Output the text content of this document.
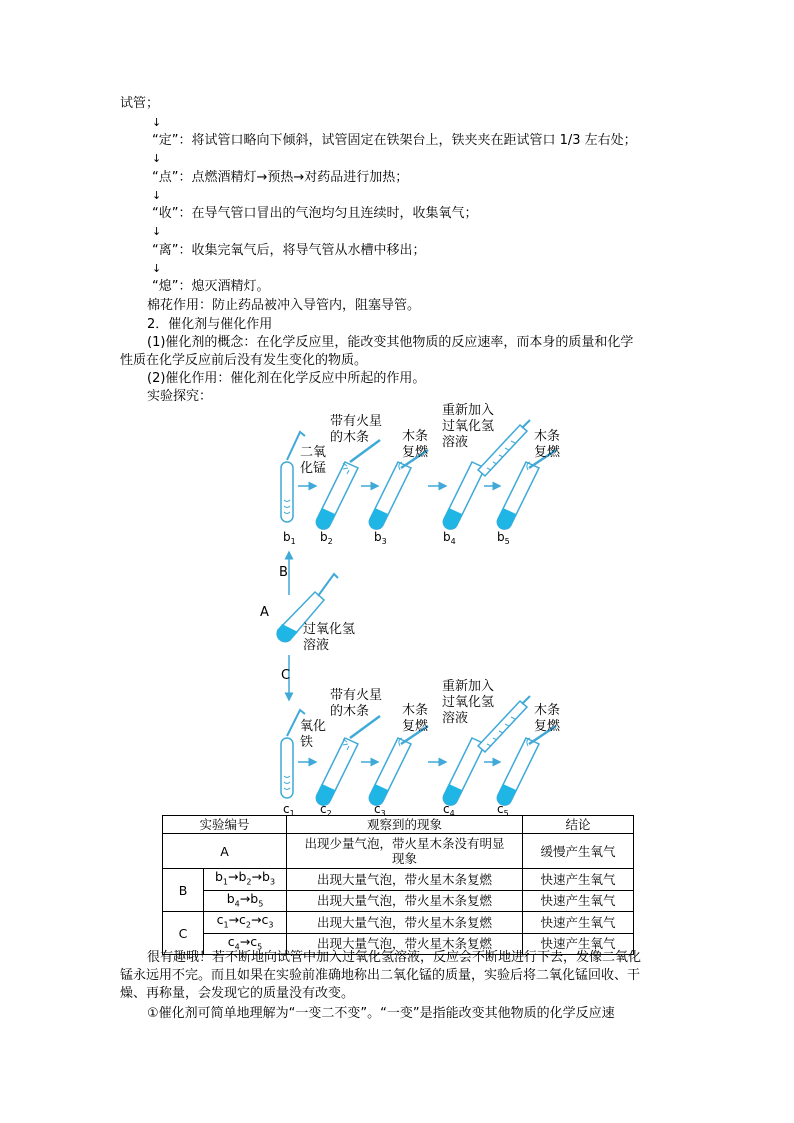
试管；
↓
“定”：将试管口略向下倾斜，试管固定在铁架台上，铁夹夹在距试管口 1/3 左右处；
↓
“点”：点燃酒精灯→预热→对药品进行加热；
↓
“收”：在导气管口冒出的气泡均匀且连续时，收集氧气；
↓
“离”：收集完氧气后，将导气管从水槽中移出；
↓
“熄”：熄灭酒精灯。
棉花作用：防止药品被冲入导管内，阻塞导管。
2．催化剂与催化作用
(1)催化剂的概念：在化学反应里，能改变其他物质的反应速率，而本身的质量和化学
性质在化学反应前后没有发生变化的物质。
(2)催化作用：催化剂在化学反应中所起的作用。
实验探究：
二氧
化锰
带有火星
的木条	木条
复燃
重新加入
过氧化氢
溶液	木条
复燃
$b_1$ $b_2$	$b_3$	$b_4$	$b_5$
B
A
过氧化氢
溶液
C
氧化
铁
带有火星
的木条	木条
复燃
重新加入
过氧化氢
溶液
木条
复燃
$c_1$ $c_2$	$c_3$	$c_4$	$c_5$
实验编号		观察到的现象	结论
A		出现少量气泡，带火星木条没有明显
现象	缓慢产生氧气
B	$b_1\to b_2\to b_3$	出现大量气泡，带火星木条复燃	快速产生氧气
	$b_4\to b_5$	出现大量气泡，带火星木条复燃	快速产生氧气
C	$c_1\to c_2\to c_3$	出现大量气泡，带火星木条复燃	快速产生氧气
	$c_4\to c_5$	出现大量气泡，带火星木条复燃	快速产生氧气
很有趣哦！若不断地向试管中加入过氧化氢溶液，反应会不断地进行下去，发像二氧化
锰永远用不完。而且如果在实验前准确地称出二氧化锰的质量，实验后将二氧化锰回收、干
燥、再称量，会发现它的质量没有改变。
①催化剂可简单地理解为“一变二不变”。“一变”是指能改变其他物质的化学反应速
